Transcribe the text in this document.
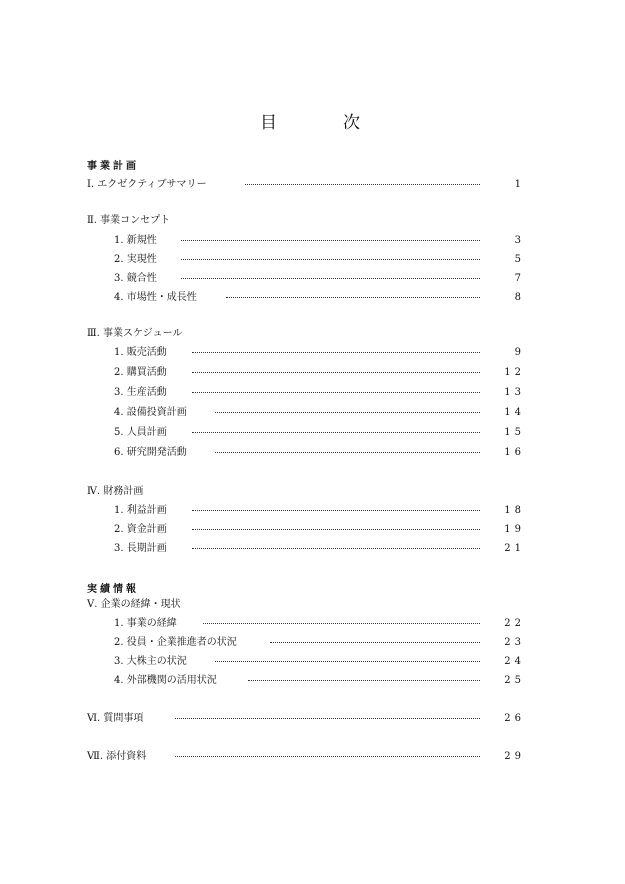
目	次
事業計画
Ⅰ. エクゼクティブサマリー	1
Ⅱ. 事業コンセプト
1. 新規性	3
2. 実現性	5
3. 競合性	7
4. 市場性・成長性	8
Ⅲ. 事業スケジュール
1. 販売活動	9
2. 購買活動	12
3. 生産活動	13
4. 設備投資計画	14
5. 人員計画	15
6. 研究開発活動	16
Ⅳ. 財務計画
1. 利益計画	18
2. 資金計画	19
3. 長期計画	21
実績情報
Ⅴ. 企業の経緯・現状
1. 事業の経緯	22
2. 役員・企業推進者の状況	23
3. 大株主の状況	24
4. 外部機関の活用状況	25
Ⅵ. 質問事項	26
Ⅶ. 添付資料	29
